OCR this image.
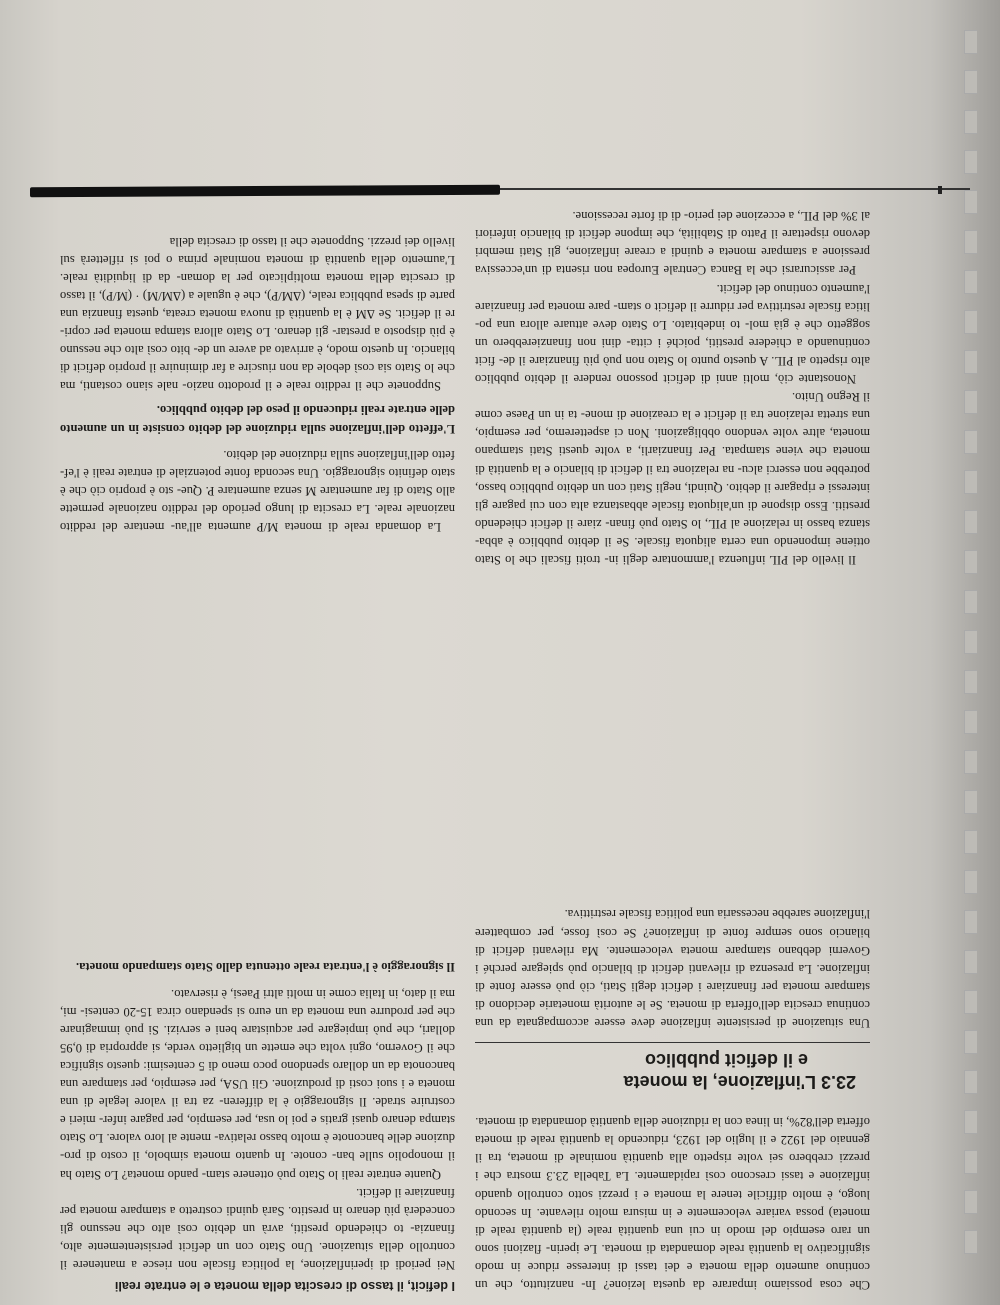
Che cosa possiamo imparare da questa lezione? In- nanzitutto, che un continuo aumento della moneta e dei tassi di interesse riduce in modo significativo la quantità reale domandata di moneta. Le iperin- flazioni sono un raro esempio del modo in cui una quantità reale (la quantità reale di moneta) possa variare velocemente e in misura molto rilevante. In secondo luogo, è molto difficile tenere la moneta e i prezzi sotto controllo quando inflazione e tassi crescono così rapidamente. La Tabella 23.3 mostra che i prezzi crebbero sei volte rispetto alla quantità nominale di moneta, tra il gennaio del 1922 e il luglio del 1923, riducendo la quantità reale di moneta offerta dell'82%, in linea con la riduzione della quantità domandata di moneta.

23.3 L'inflazione, la moneta

e il deficit pubblico

Una situazione di persistente inflazione deve essere accompagnata da una continua crescita dell'offerta di moneta. Se le autorità monetarie decidono di stampare moneta per finanziare i deficit degli Stati, ciò può essere fonte di inflazione. La presenza di rilevanti deficit di bilancio può spiegare perché i Governi debbano stampare moneta velocemente. Ma rilevanti deficit di bilancio sono sempre fonte di inflazione? Se così fosse, per combattere l'inflazione sarebbe necessaria una politica fiscale restrittiva.

I deficit, il tasso di crescita della moneta e le entrate reali

Nei periodi di iperinflazione, la politica fiscale non riesce a mantenere il controllo della situazione. Uno Stato con un deficit persistentemente alto, finanzia- to chiedendo prestiti, avrà un debito così alto che nessuno gli concederà più denaro in prestito. Sarà quindi costretto a stampare moneta per finanziare il deficit.

Quante entrate reali lo Stato può ottenere stam- pando moneta? Lo Stato ha il monopolio sulle ban- conote. In quanto moneta simbolo, il costo di pro- duzione delle banconote è molto basso relativa- mente al loro valore. Lo Stato stampa denaro quasi gratis e poi lo usa, per esempio, per pagare infer- mieri e costruire strade. Il signoraggio è la differen- za tra il valore legale di una moneta e i suoi costi di produzione. Gli USA, per esempio, per stampare una banconota da un dollaro spendono poco meno di 5 centesimi: questo significa che il Governo, ogni volta che emette un biglietto verde, si appropria di 0,95 dollari, che può impiegare per acquistare beni e servizi. Si può immaginare che per produrre una moneta da un euro si spendano circa 15-20 centesi- mi, ma il dato, in Italia come in molti altri Paesi, è riservato.

Il signoraggio è l'entrata reale ottenuta dallo Stato stampando moneta.

Il livello del PIL influenza l'ammontare degli in- troiti fiscali che lo Stato ottiene imponendo una certa aliquota fiscale. Se il debito pubblico è abba- stanza basso in relazione al PIL, lo Stato può finan- ziare il deficit chiedendo prestiti. Esso dispone di un'aliquota fiscale abbastanza alta con cui pagare gli interessi e ripagare il debito. Quindi, negli Stati con un debito pubblico basso, potrebbe non esserci alcu- na relazione tra il deficit di bilancio e la quantità di moneta che viene stampata. Per finanziarli, a volte questi Stati stampano moneta, altre volte vendono obbligazioni. Non ci aspetteremo, per esempio, una stretta relazione tra il deficit e la creazione di mone- ta in un Paese come il Regno Unito.

Nonostante ciò, molti anni di deficit possono rendere il debito pubblico alto rispetto al PIL. A questo punto lo Stato non può più finanziare il de- ficit continuando a chiedere prestiti, poiché i citta- dini non finanzierebbero un soggetto che è già mol- to indebitato. Lo Stato deve attuare allora una po- litica fiscale restrittiva per ridurre il deficit o stam- pare moneta per finanziare l'aumento continuo del deficit.

Per assicurarsi che la Banca Centrale Europea non risenta di un'eccessiva pressione a stampare moneta e quindi a creare inflazione, gli Stati membri devono rispettare il Patto di Stabilità, che impone deficit di bilancio inferiori al 3% del PIL, a eccezione dei perio- di di forte recessione.

La domanda reale di moneta M/P aumenta all'au- mentare del reddito nazionale reale. La crescita di lungo periodo del reddito nazionale permette allo Stato di far aumentare M senza aumentare P. Que- sto è proprio ciò che è stato definito signoraggio. Una seconda fonte potenziale di entrate reali è l'ef- fetto dell'inflazione sulla riduzione del debito.

L'effetto dell'inflazione sulla riduzione del debito consiste in un aumento delle entrate reali riducendo il peso del debito pubblico.

Supponete che il reddito reale e il prodotto nazio- nale siano costanti, ma che lo Stato sia così debole da non riuscire a far diminuire il proprio deficit di bilancio. In questo modo, è arrivato ad avere un de- bito così alto che nessuno è più disposto a prestar- gli denaro. Lo Stato allora stampa moneta per copri- re il deficit. Se ΔM è la quantità di nuova moneta creata, questa finanzia una parte di spesa pubblica reale, (ΔM/P), che è uguale a (ΔM/M) · (M/P), il tasso di crescita della moneta moltiplicato per la doman- da di liquidità reale. L'aumento della quantità di moneta nominale prima o poi si rifletterà sul livello dei prezzi. Supponete che il tasso di crescita della
